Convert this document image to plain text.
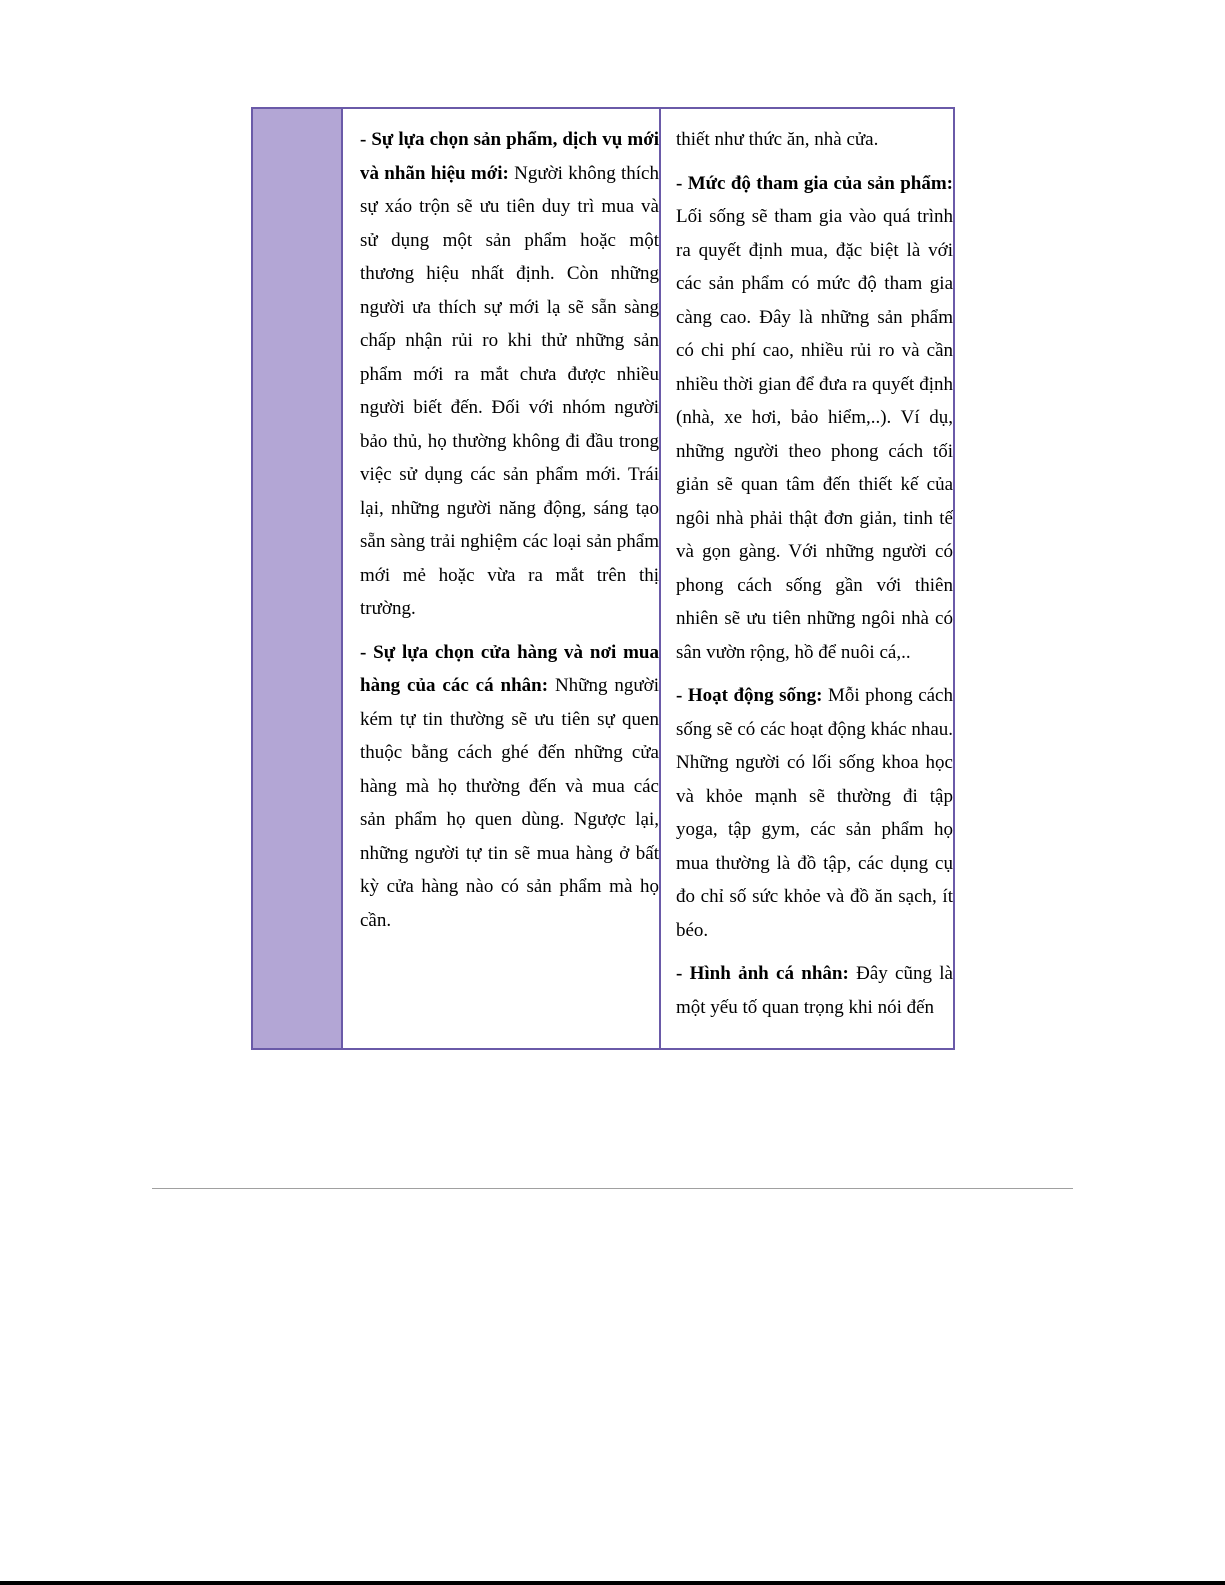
- Sự lựa chọn sản phẩm, dịch vụ mới và nhãn hiệu mới: Người không thích sự xáo trộn sẽ ưu tiên duy trì mua và sử dụng một sản phẩm hoặc một thương hiệu nhất định. Còn những người ưa thích sự mới lạ sẽ sẵn sàng chấp nhận rủi ro khi thử những sản phẩm mới ra mắt chưa được nhiều người biết đến. Đối với nhóm người bảo thủ, họ thường không đi đầu trong việc sử dụng các sản phẩm mới. Trái lại, những người năng động, sáng tạo sẵn sàng trải nghiệm các loại sản phẩm mới mẻ hoặc vừa ra mắt trên thị trường.

- Sự lựa chọn cửa hàng và nơi mua hàng của các cá nhân: Những người kém tự tin thường sẽ ưu tiên sự quen thuộc bằng cách ghé đến những cửa hàng mà họ thường đến và mua các sản phẩm họ quen dùng. Ngược lại, những người tự tin sẽ mua hàng ở bất kỳ cửa hàng nào có sản phẩm mà họ cần.

thiết như thức ăn, nhà cửa.

- Mức độ tham gia của sản phẩm: Lối sống sẽ tham gia vào quá trình ra quyết định mua, đặc biệt là với các sản phẩm có mức độ tham gia càng cao. Đây là những sản phẩm có chi phí cao, nhiều rủi ro và cần nhiều thời gian để đưa ra quyết định (nhà, xe hơi, bảo hiểm,..). Ví dụ, những người theo phong cách tối giản sẽ quan tâm đến thiết kế của ngôi nhà phải thật đơn giản, tinh tế và gọn gàng. Với những người có phong cách sống gần với thiên nhiên sẽ ưu tiên những ngôi nhà có sân vườn rộng, hồ để nuôi cá,..

- Hoạt động sống: Mỗi phong cách sống sẽ có các hoạt động khác nhau. Những người có lối sống khoa học và khỏe mạnh sẽ thường đi tập yoga, tập gym, các sản phẩm họ mua thường là đồ tập, các dụng cụ đo chỉ số sức khỏe và đồ ăn sạch, ít béo.

- Hình ảnh cá nhân: Đây cũng là một yếu tố quan trọng khi nói đến
